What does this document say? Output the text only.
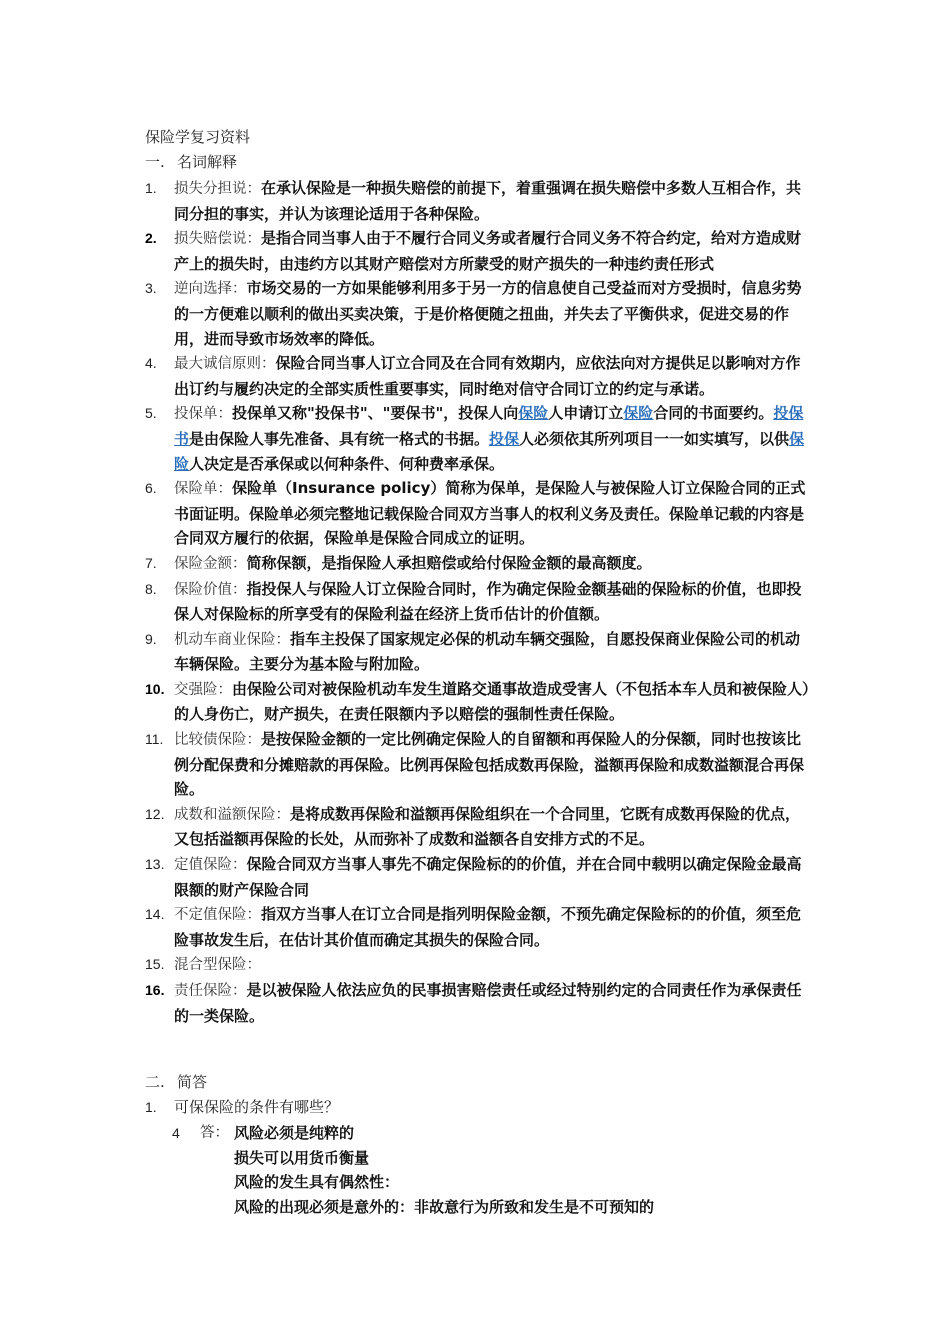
保险学复习资料

一. 名词解释

1. 损失分担说：在承认保险是一种损失赔偿的前提下，着重强调在损失赔偿中多数人互相合作，共同分担的事实，并认为该理论适用于各种保险。
2. 损失赔偿说：是指合同当事人由于不履行合同义务或者履行合同义务不符合约定，给对方造成财产上的损失时，由违约方以其财产赔偿对方所蒙受的财产损失的一种违约责任形式
3. 逆向选择：市场交易的一方如果能够利用多于另一方的信息使自己受益而对方受损时，信息劣势的一方便难以顺利的做出买卖决策，于是价格便随之扭曲，并失去了平衡供求，促进交易的作用，进而导致市场效率的降低。
4. 最大诚信原则：保险合同当事人订立合同及在合同有效期内，应依法向对方提供足以影响对方作出订约与履约决定的全部实质性重要事实，同时绝对信守合同订立的约定与承诺。
5. 投保单：投保单又称"投保书"、"要保书"，投保人向保险人申请订立保险合同的书面要约。投保书是由保险人事先准备、具有统一格式的书据。投保人必须依其所列项目一一如实填写，以供保险人决定是否承保或以何种条件、何种费率承保。
6. 保险单：保险单（Insurance policy）简称为保单，是保险人与被保险人订立保险合同的正式书面证明。保险单必须完整地记载保险合同双方当事人的权利义务及责任。保险单记载的内容是合同双方履行的依据，保险单是保险合同成立的证明。
7. 保险金额：简称保额，是指保险人承担赔偿或给付保险金额的最高额度。
8. 保险价值：指投保人与保险人订立保险合同时，作为确定保险金额基础的保险标的价值，也即投保人对保险标的所享受有的保险利益在经济上货币估计的价值额。
9. 机动车商业保险：指车主投保了国家规定必保的机动车辆交强险，自愿投保商业保险公司的机动车辆保险。主要分为基本险与附加险。
10. 交强险：由保险公司对被保险机动车发生道路交通事故造成受害人（不包括本车人员和被保险人）的人身伤亡，财产损失，在责任限额内予以赔偿的强制性责任保险。
11. 比较债保险：是按保险金额的一定比例确定保险人的自留额和再保险人的分保额，同时也按该比例分配保费和分摊赔款的再保险。比例再保险包括成数再保险，溢额再保险和成数溢额混合再保险。
12. 成数和溢额保险：是将成数再保险和溢额再保险组织在一个合同里，它既有成数再保险的优点，又包括溢额再保险的长处，从而弥补了成数和溢额各自安排方式的不足。
13. 定值保险：保险合同双方当事人事先不确定保险标的的价值，并在合同中载明以确定保险金最高限额的财产保险合同
14. 不定值保险：指双方当事人在订立合同是指列明保险金额，不预先确定保险标的的价值，须至危险事故发生后，在估计其价值而确定其损失的保险合同。
15. 混合型保险：
16. 责任保险：是以被保险人依法应负的民事损害赔偿责任或经过特别约定的合同责任作为承保责任的一类保险。

二. 简答

1. 可保保险的条件有哪些？
4 答： 风险必须是纯粹的
损失可以用货币衡量
风险的发生具有偶然性：
风险的出现必须是意外的：非故意行为所致和发生是不可预知的
